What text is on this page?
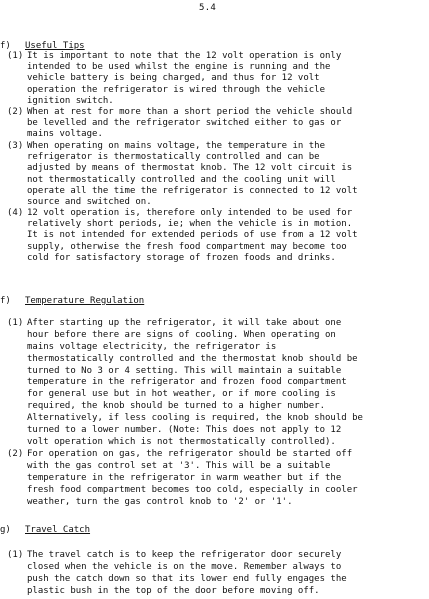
5.4
f) Useful Tips
(1) It is important to note that the 12 volt operation is only
intended to be used whilst the engine is running and the
vehicle battery is being charged, and thus for 12 volt
operation the refrigerator is wired through the vehicle
ignition switch.
(2) When at rest for more than a short period the vehicle should
be levelled and the refrigerator switched either to gas or
mains voltage.
(3) When operating on mains voltage, the temperature in the
refrigerator is thermostatically controlled and can be
adjusted by means of thermostat knob. The 12 volt circuit is
not thermostatically controlled and the cooling unit will
operate all the time the refrigerator is connected to 12 volt
source and switched on.
(4) 12 volt operation is, therefore only intended to be used for
relatively short periods, ie; when the vehicle is in motion.
It is not intended for extended periods of use from a 12 volt
supply, otherwise the fresh food compartment may become too
cold for satisfactory storage of frozen foods and drinks.
f) Temperature Regulation
(1) After starting up the refrigerator, it will take about one
hour before there are signs of cooling. When operating on
mains voltage electricity, the refrigerator is
thermostatically controlled and the thermostat knob should be
turned to No 3 or 4 setting. This will maintain a suitable
temperature in the refrigerator and frozen food compartment
for general use but in hot weather, or if more cooling is
required, the knob should be turned to a higher number.
Alternatively, if less cooling is required, the knob should be
turned to a lower number. (Note: This does not apply to 12
volt operation which is not thermostatically controlled).
(2) For operation on gas, the refrigerator should be started off
with the gas control set at '3'. This will be a suitable
temperature in the refrigerator in warm weather but if the
fresh food compartment becomes too cold, especially in cooler
weather, turn the gas control knob to '2' or '1'.
g) Travel Catch
(1) The travel catch is to keep the refrigerator door securely
closed when the vehicle is on the move. Remember always to
push the catch down so that its lower end fully engages the
plastic bush in the top of the door before moving off.
